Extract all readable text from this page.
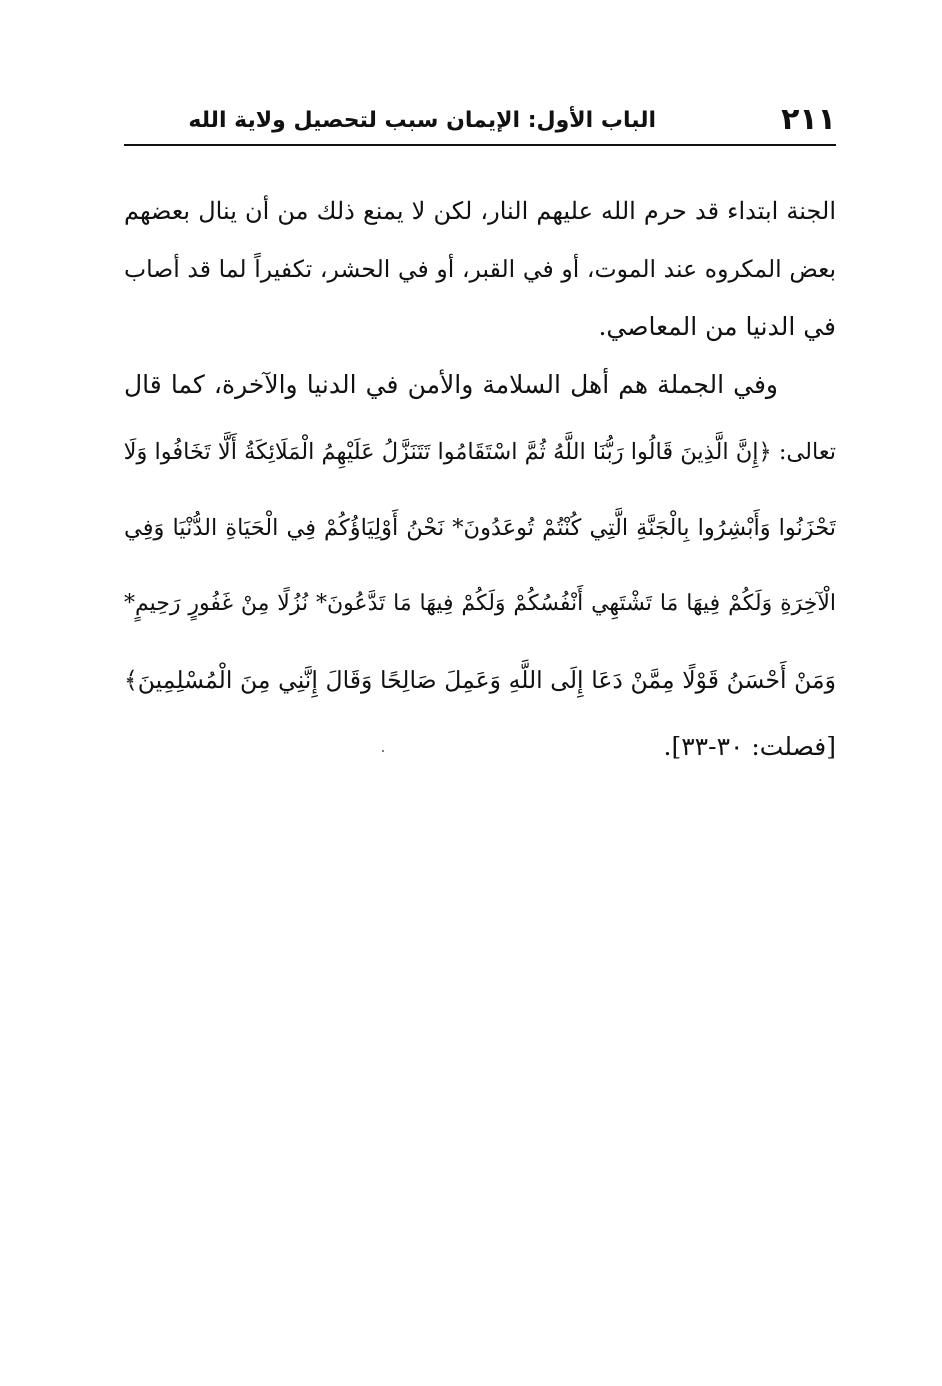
٢١١
الباب الأول: الإيمان سبب لتحصيل ولاية الله
الجنة ابتداء قد حرم الله عليهم النار، لكن لا يمنع ذلك من أن ينال بعضهم
بعض المكروه عند الموت، أو في القبر، أو في الحشر، تكفيراً لما قد أصاب
في الدنيا من المعاصي.
وفي الجملة هم أهل السلامة والأمن في الدنيا والآخرة، كما قال
تعالى: ﴿إِنَّ الَّذِينَ قَالُوا رَبُّنَا اللَّهُ ثُمَّ اسْتَقَامُوا تَتَنَزَّلُ عَلَيْهِمُ الْمَلَائِكَةُ أَلَّا تَخَافُوا وَلَا
تَحْزَنُوا وَأَبْشِرُوا بِالْجَنَّةِ الَّتِي كُنْتُمْ تُوعَدُونَ* نَحْنُ أَوْلِيَاؤُكُمْ فِي الْحَيَاةِ الدُّنْيَا وَفِي
الْآخِرَةِ وَلَكُمْ فِيهَا مَا تَشْتَهِي أَنْفُسُكُمْ وَلَكُمْ فِيهَا مَا تَدَّعُونَ* نُزُلًا مِنْ غَفُورٍ رَحِيمٍ*
وَمَنْ أَحْسَنُ قَوْلًا مِمَّنْ دَعَا إِلَى اللَّهِ وَعَمِلَ صَالِحًا وَقَالَ إِنَّنِي مِنَ الْمُسْلِمِينَ﴾
[فصلت: ٣٠-٣٣].
